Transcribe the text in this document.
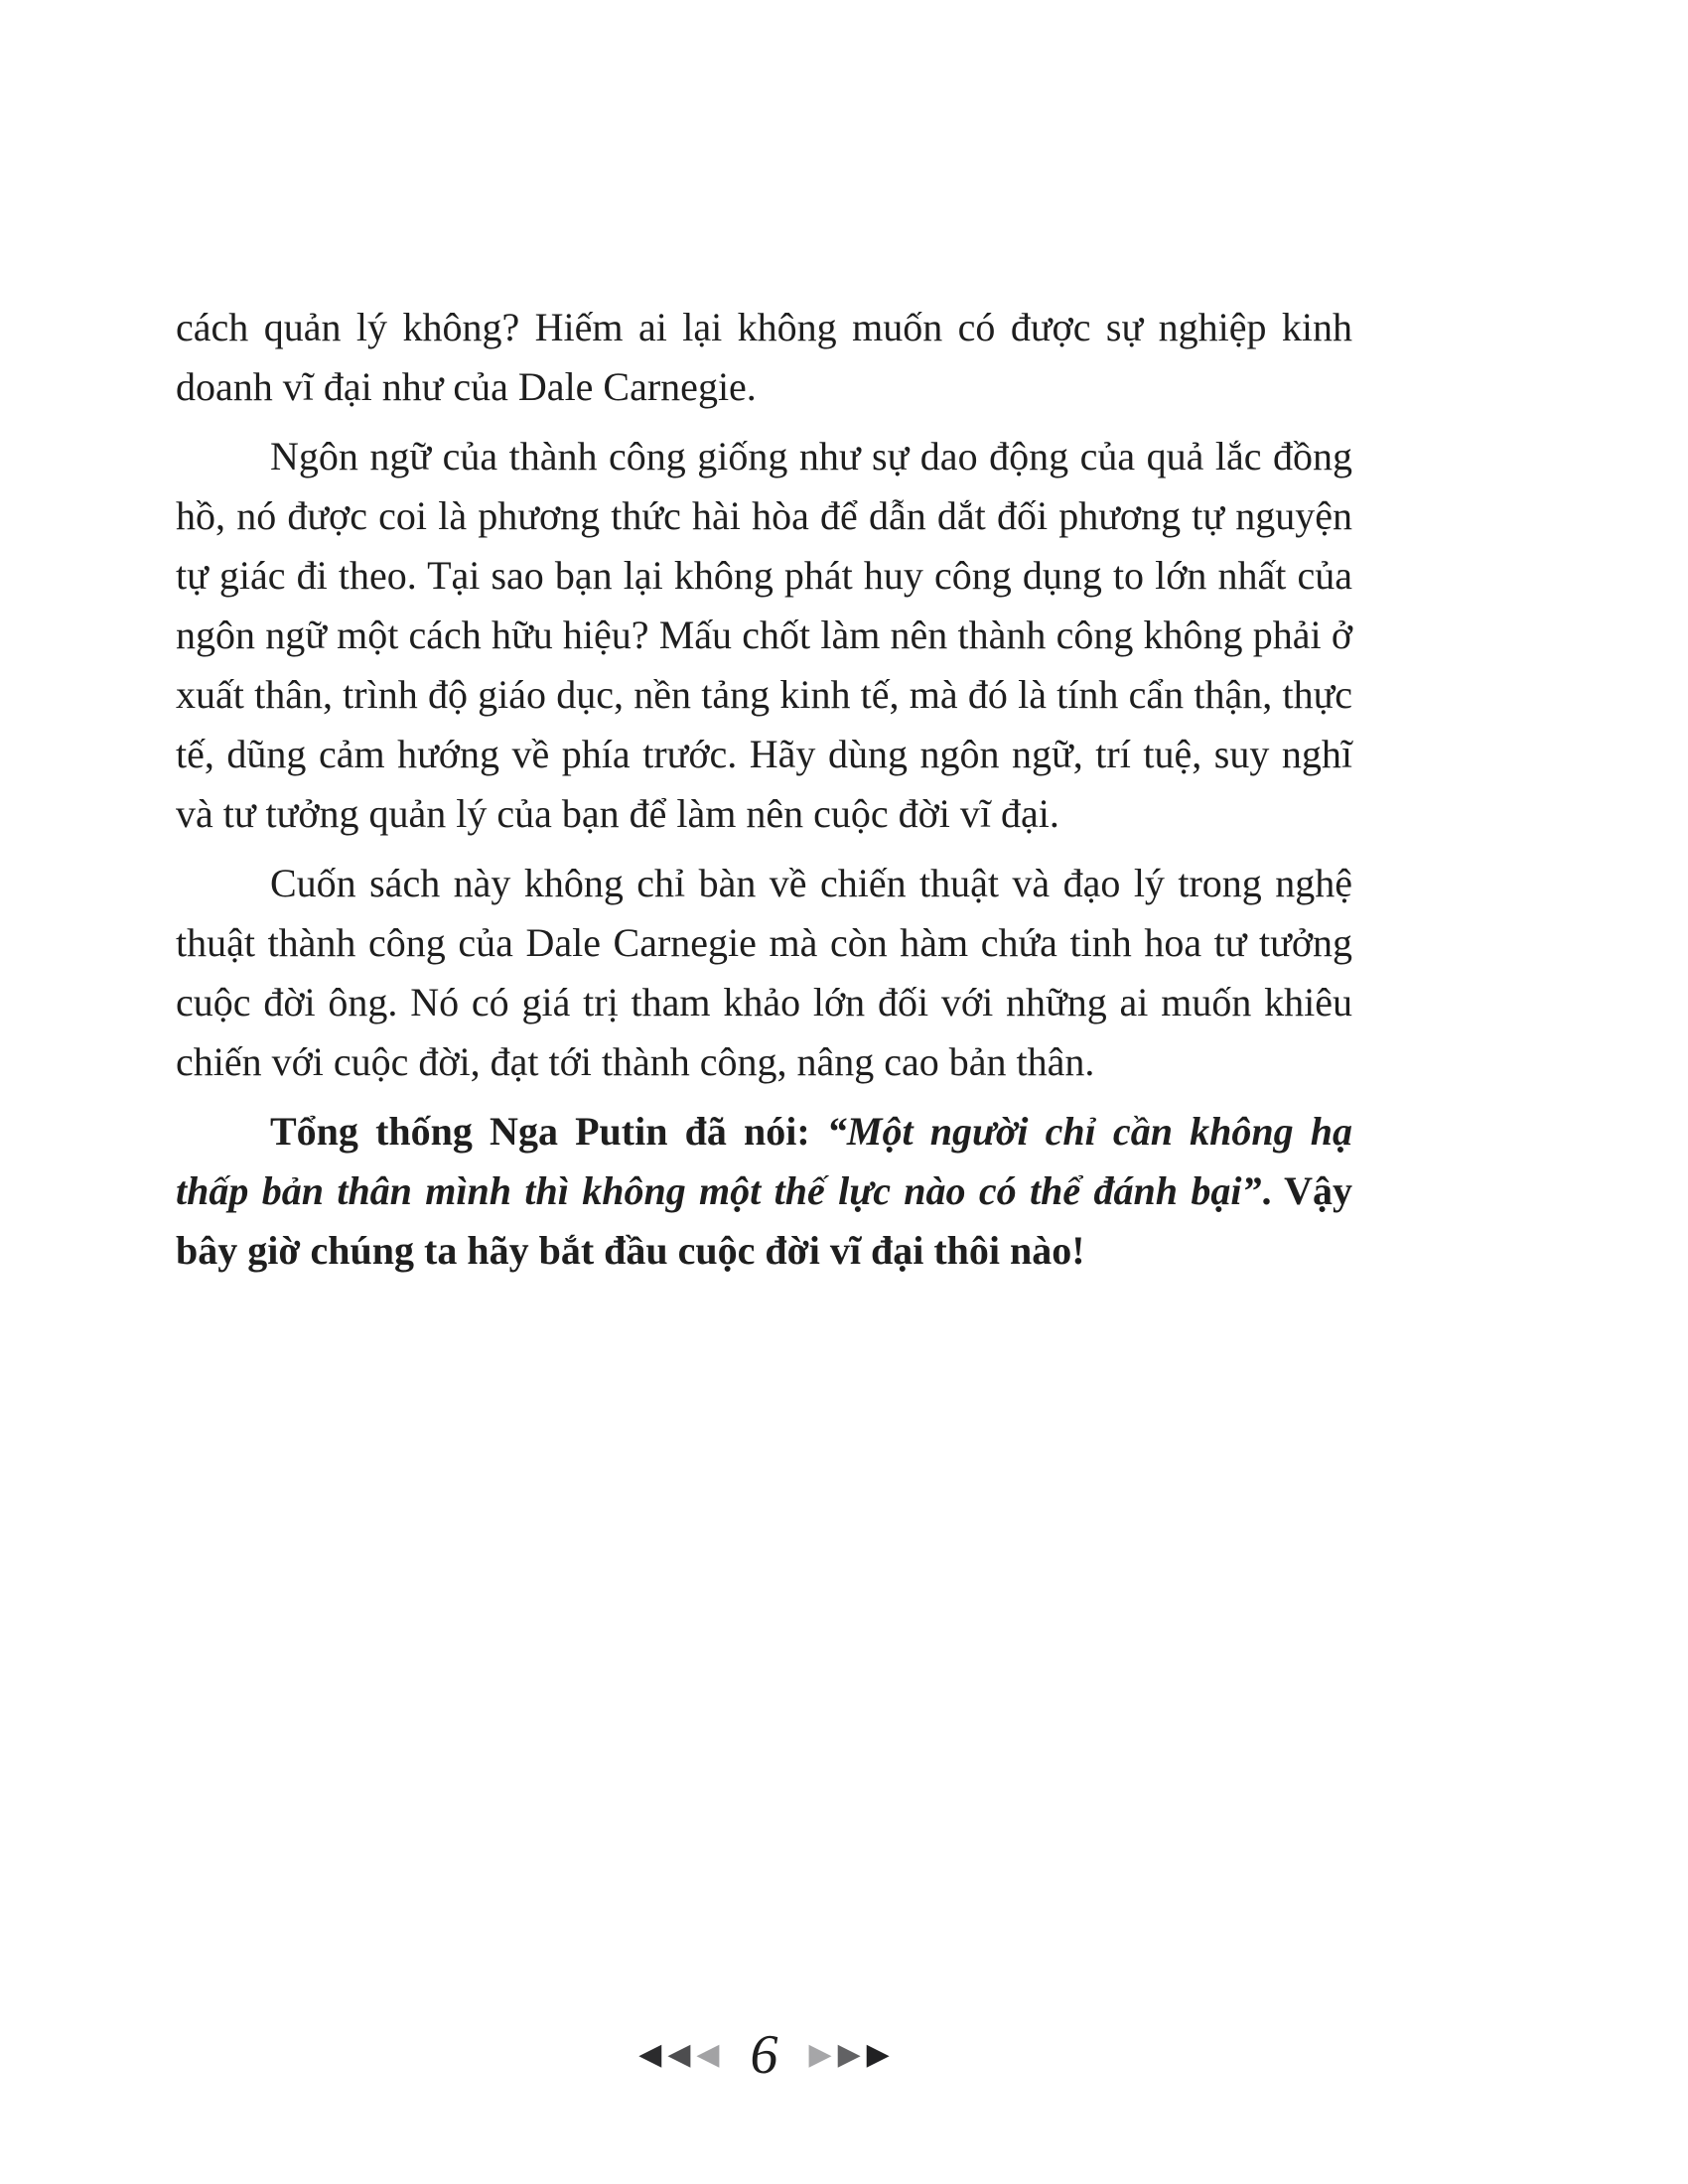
cách quản lý không? Hiếm ai lại không muốn có được sự nghiệp kinh doanh vĩ đại như của Dale Carnegie.

Ngôn ngữ của thành công giống như sự dao động của quả lắc đồng hồ, nó được coi là phương thức hài hòa để dẫn dắt đối phương tự nguyện tự giác đi theo. Tại sao bạn lại không phát huy công dụng to lớn nhất của ngôn ngữ một cách hữu hiệu? Mấu chốt làm nên thành công không phải ở xuất thân, trình độ giáo dục, nền tảng kinh tế, mà đó là tính cẩn thận, thực tế, dũng cảm hướng về phía trước. Hãy dùng ngôn ngữ, trí tuệ, suy nghĩ và tư tưởng quản lý của bạn để làm nên cuộc đời vĩ đại.

Cuốn sách này không chỉ bàn về chiến thuật và đạo lý trong nghệ thuật thành công của Dale Carnegie mà còn hàm chứa tinh hoa tư tưởng cuộc đời ông. Nó có giá trị tham khảo lớn đối với những ai muốn khiêu chiến với cuộc đời, đạt tới thành công, nâng cao bản thân.

Tổng thống Nga Putin đã nói: “Một người chỉ cần không hạ thấp bản thân mình thì không một thế lực nào có thể đánh bại”. Vậy bây giờ chúng ta hãy bắt đầu cuộc đời vĩ đại thôi nào!

◀ ◀ ◀ 6 ▶ ▶ ▶
